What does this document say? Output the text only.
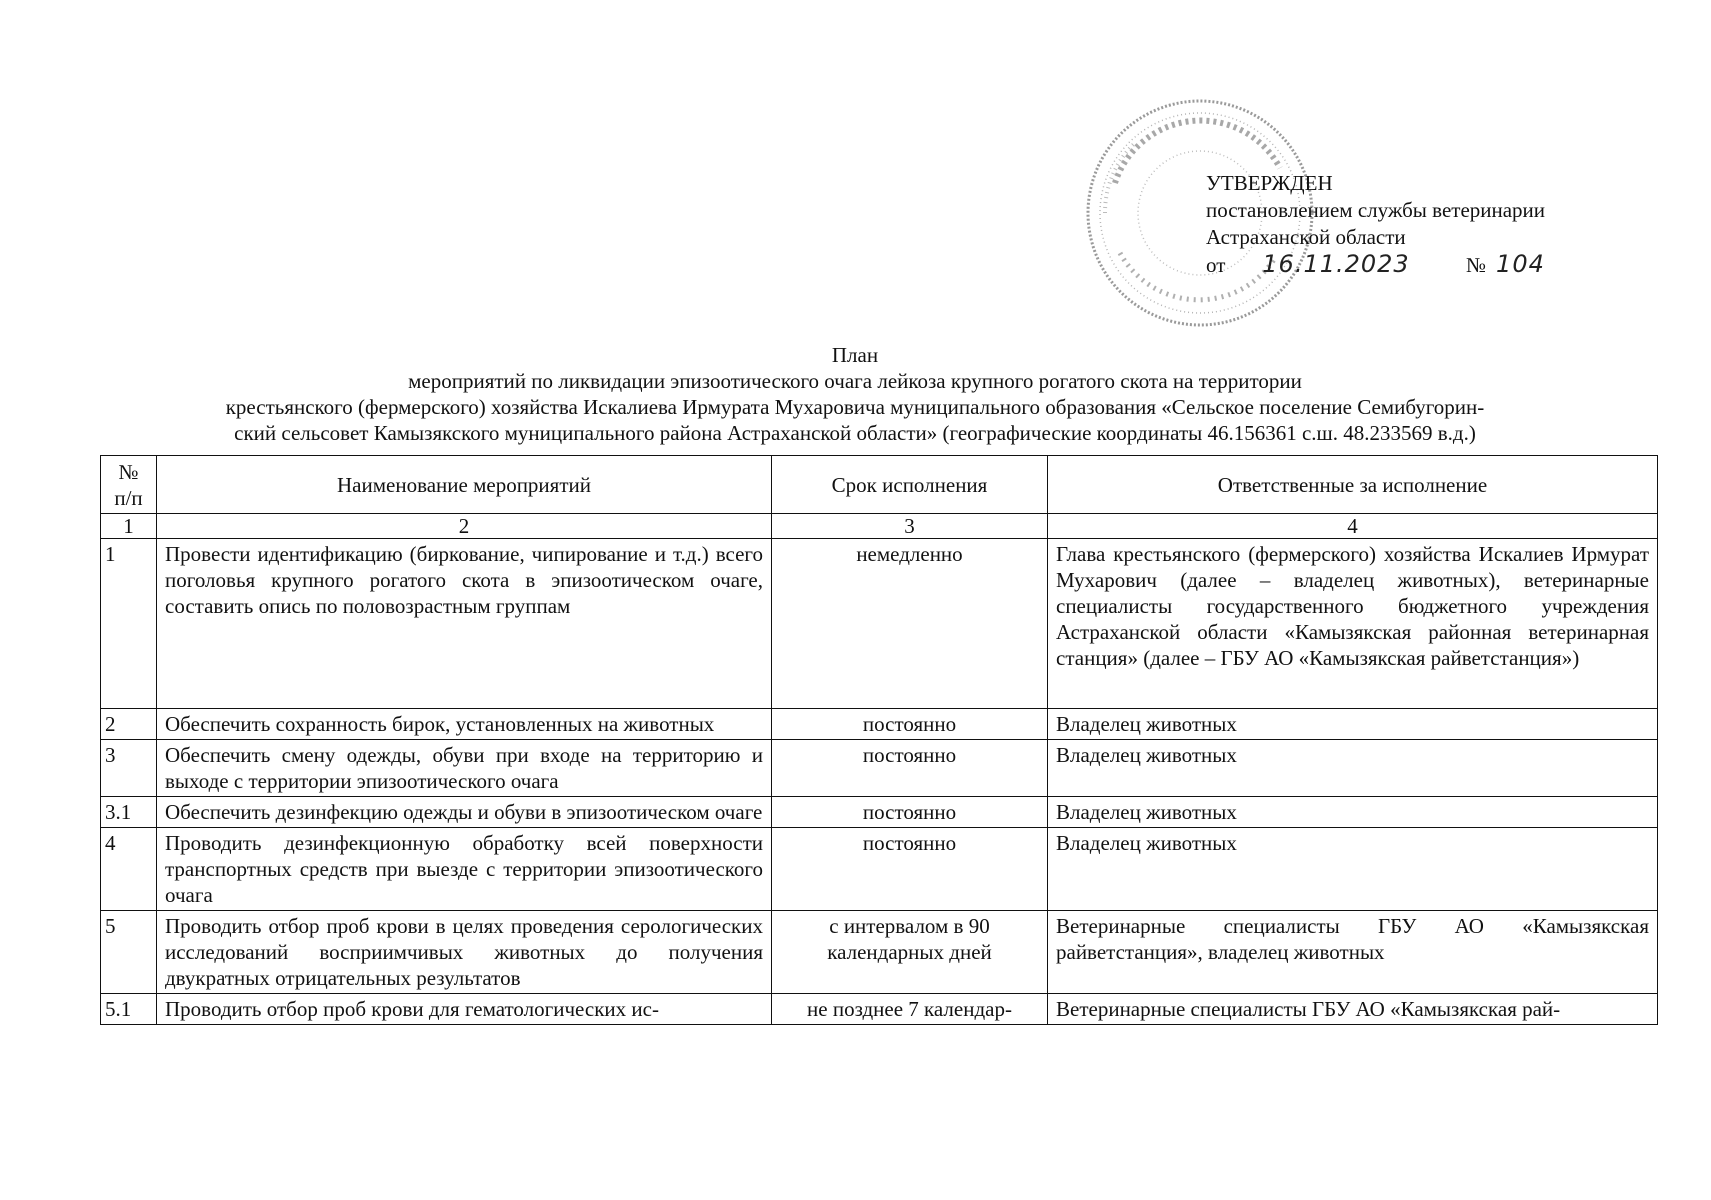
УТВЕРЖДЕН
постановлением службы ветеринарии
Астраханской области
от 16.11.2023	№ 104
План
мероприятий по ликвидации эпизоотического очага лейкоза крупного рогатого скота на территории
крестьянского (фермерского) хозяйства Искалиева Ирмурата Мухаровича муниципального образования «Сельское поселение Семибугорин-
ский сельсовет Камызякского муниципального района Астраханской области» (географические координаты 46.156361 с.ш. 48.233569 в.д.)
№ п/п	Наименование мероприятий	Срок исполнения	Ответственные за исполнение
1	2	3	4
1	Провести идентификацию (биркование, чипирование и т.д.) всего поголовья крупного рогатого скота в эпизоотическом очаге, составить опись по половозрастным группам	немедленно	Глава крестьянского (фермерского) хозяйства Искалиев Ирмурат Мухарович (далее – владелец животных), ветеринарные специалисты государственного бюджетного учреждения Астраханской области «Камызякская районная ветеринарная станция» (далее – ГБУ АО «Камызякская райветстанция»)
2	Обеспечить сохранность бирок, установленных на животных	постоянно	Владелец животных
3	Обеспечить смену одежды, обуви при входе на территорию и выходе с территории эпизоотического очага	постоянно	Владелец животных
3.1	Обеспечить дезинфекцию одежды и обуви в эпизоотическом очаге	постоянно	Владелец животных
4	Проводить дезинфекционную обработку всей поверхности транспортных средств при выезде с территории эпизоотического очага	постоянно	Владелец животных
5	Проводить отбор проб крови в целях проведения серологических исследований восприимчивых животных до получения двукратных отрицательных результатов	с интервалом в 90 календарных дней	Ветеринарные специалисты ГБУ АО «Камызякская райветстанция», владелец животных
5.1	Проводить отбор проб крови для гематологических ис-	не позднее 7 календар-	Ветеринарные специалисты ГБУ АО «Камызякская рай-
